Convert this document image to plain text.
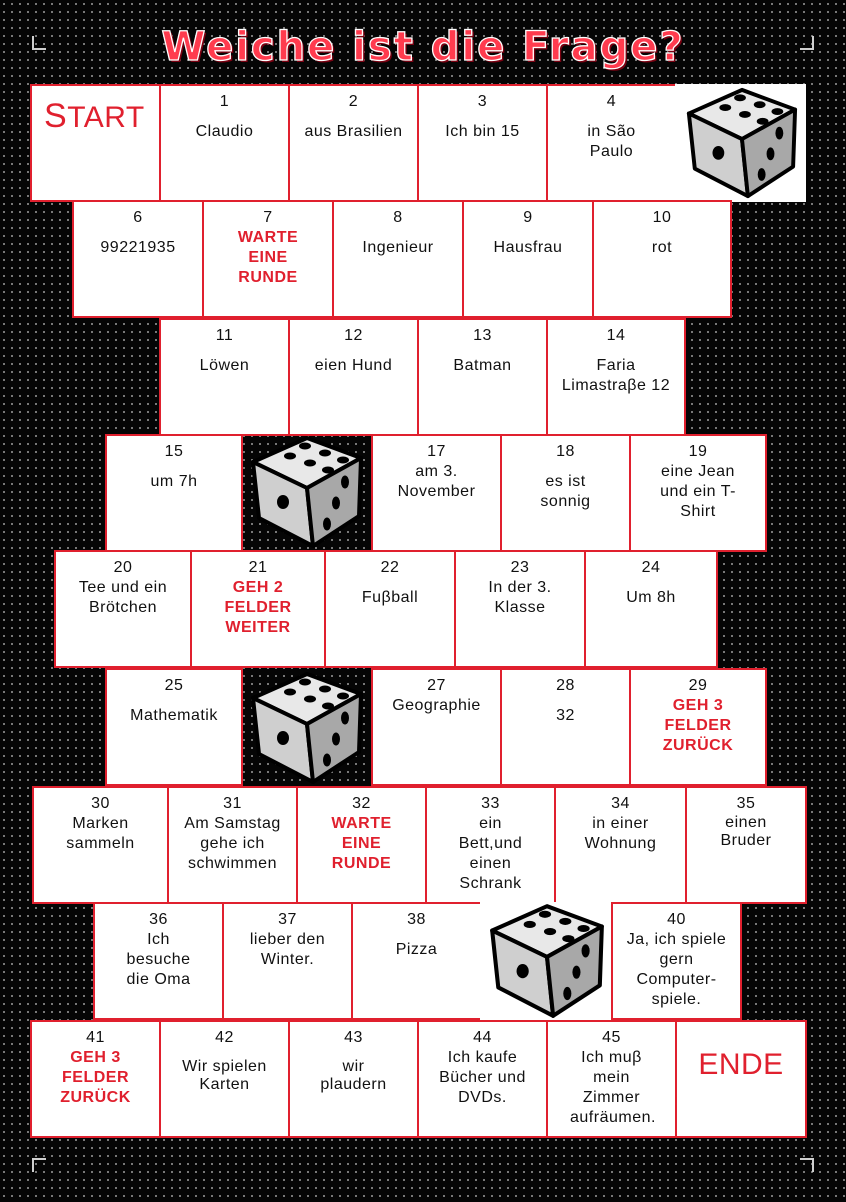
Weiche ist die Frage?
START	1
Claudio
2
aus Brasilien
3
Ich bin 15
4
in São Paulo
6
99221935
7
WARTE EINE RUNDE
8
Ingenieur
9
Hausfrau
10
rot
11
Löwen
12
eien Hund
13
Batman
14
Faria Limastraβe 12
15
um 7h
17
am 3. November
18
es ist sonnig
19
eine Jean und ein T-Shirt
20
Tee und ein Brötchen
21
GEH 2 FELDER WEITER
22
Fuβball
23
In der 3. Klasse
24
Um 8h
25
Mathematik
27
Geographie
28
32
29
GEH 3 FELDER ZURÜCK
30
Marken sammeln
31
Am Samstag gehe ich schwimmen
32
WARTE EINE RUNDE
33
ein Bett,und einen Schrank
34
in einer Wohnung
35
einen Bruder
36
Ich besuche die Oma
37
lieber den Winter.
38
Pizza
40
Ja, ich spiele gern Computer-spiele.
41
GEH 3 FELDER ZURÜCK
42
Wir spielen Karten
43
wir plaudern
44
Ich kaufe Bücher und DVDs.
45
Ich muβ mein Zimmer aufräumen.
ENDE
